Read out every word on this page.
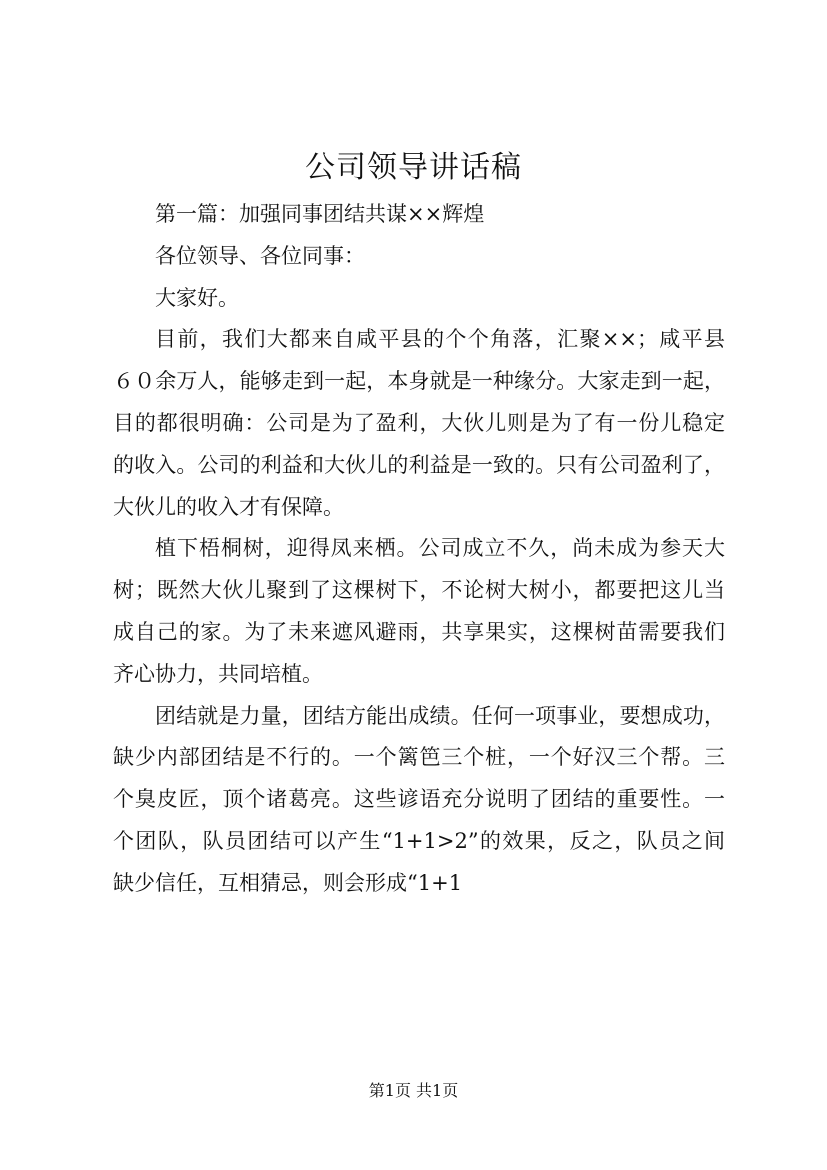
公司领导讲话稿
第一篇：加强同事团结共谋××辉煌
各位领导、各位同事：
大家好。
目前，我们大都来自咸平县的个个角落，汇聚××；咸平县
６０余万人，能够走到一起，本身就是一种缘分。大家走到一起，
目的都很明确：公司是为了盈利，大伙儿则是为了有一份儿稳定
的收入。公司的利益和大伙儿的利益是一致的。只有公司盈利了，
大伙儿的收入才有保障。
植下梧桐树，迎得凤来栖。公司成立不久，尚未成为参天大
树；既然大伙儿聚到了这棵树下，不论树大树小，都要把这儿当
成自己的家。为了未来遮风避雨，共享果实，这棵树苗需要我们
齐心协力，共同培植。
团结就是力量，团结方能出成绩。任何一项事业，要想成功，
缺少内部团结是不行的。一个篱笆三个桩，一个好汉三个帮。三
个臭皮匠，顶个诸葛亮。这些谚语充分说明了团结的重要性。一
个团队，队员团结可以产生“1+1>2”的效果，反之，队员之间
缺少信任，互相猜忌，则会形成“1+1
第1页 共1页
